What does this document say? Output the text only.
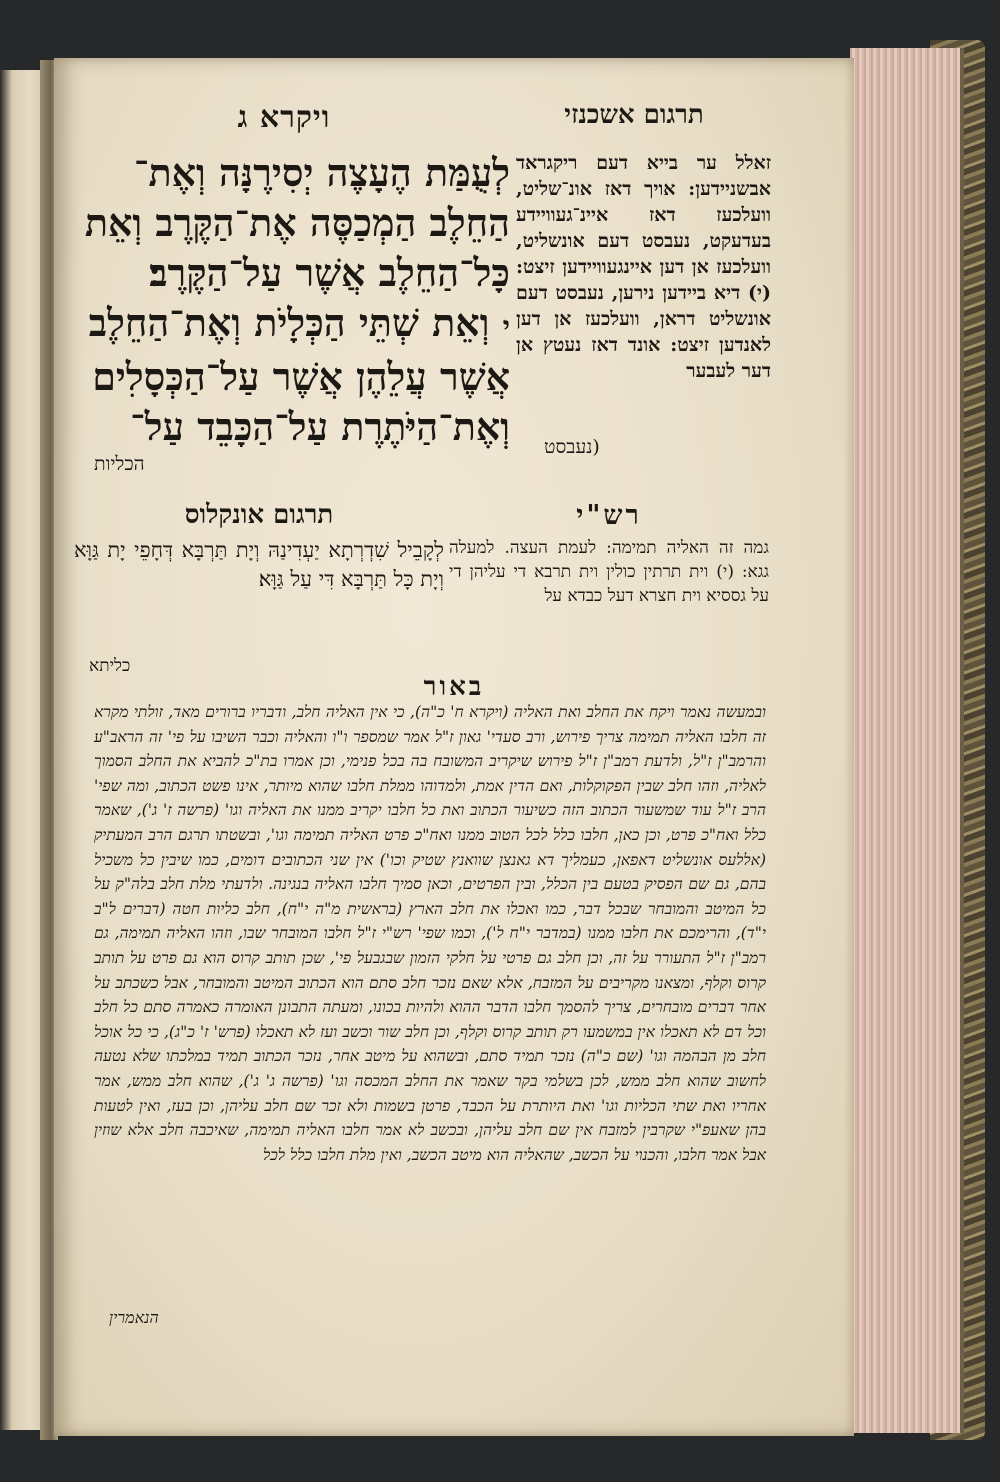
ויקרא ג	תרגום אשכנזי
לְעֻמַּת הֶעָצֶה יְסִירֶנָּה וְאֶת־
הַחֵלֶב הַמְכַסֶּה אֶת־הַקֶּרֶב וְאֵת
כָּל־הַחֵלֶב אֲשֶׁר עַל־הַקֶּרֶב׃
י וְאֵת שְׁתֵּי הַכְּלָיֹת וְאֶת־הַחֵלֶב
אֲשֶׁר עֲלֵהֶן אֲשֶׁר עַל־הַכְּסָלִים
וְאֶת־הַיֹּתֶרֶת עַל־הַכָּבֵד עַל־
הכליות
זאלל ער בייא דעם ריקגראד אבשניידען: אויך דאז אונ־שליט, וועלכעז דאז איינ־געוויידע בעדעקט, נעבסט דעם אונשליט, וועלכעז אן דען איינגעוויידען זיצט: (י) דיא ביידען נירען, נעבסט דעם אונשליט דראן, וועלכעז אן דען לאנדען זיצט: אונד דאז נעטץ אן דער לעבער
(נעבסט
רש"י
תרגום אונקלוס
גמה זה האליה תמימה: לעמת העצה. למעלה גגא: (י) וית תרתין כולין וית תרבא די עליהן די על גססיא וית חצרא דעל כבדא על
לְקָבֵיל שִׁדְרְתָא יַעְדִינַהּ וְיָת תַּרְבָּא דְּחָפֵי יָת גַּוָּא וְיָת כָּל תַּרְבָּא דִּי עַל גַּוָּא׃
כליתא
באור
ובמעשה נאמר ויקח את החלב ואת האליה (ויקרא ח' כ"ה), כי אין האליה חלב, ודבריו ברורים מאד, זולתי מקרא זה חלבו האליה תמימה צריך פירוש, ורב סעדי' גאון ז"ל אמר שמספר ו"ו והאליה וכבר השיבו על פי' זה הראב"ע והרמב"ן ז"ל, ולדעת רמב"ן ז"ל פירוש שיקריב המשובח בה בכל פנימי, וכן אמרו בת"כ להביא את החלב הסמוך לאליה, וזהו חלב שבין הפקוקלות, ואם הדין אמת, ולמדוהו ממלת חלבו שהוא מיותר, אינו פשט הכתוב, ומה שפי' הרב ז"ל עוד שמשעור הכתוב הזה כשיעור הכתוב ואת כל חלבו יקריב ממנו את האליה וגו' (פרשה ז' ג'), שאמר כלל ואח"כ פרט, וכן כאן, חלבו כלל לכל הטוב ממנו ואח"כ פרט האליה תמימה וגו', ובשטתו תרגם הרב המעתיק (אללעס אונשליט דאפאן, כעמליך דא גאנצן שוואנץ שטיק וכו') אין שני הכתובים דומים, כמו שיבין כל משכיל בהם, גם שם הפסיק בטעם בין הכלל, ובין הפרטים, וכאן סמיך חלבו האליה בנגינה. ולדעתי מלת חלב בלה"ק על כל המיטב והמובחר שבכל דבר, כמו ואכלו את חלב הארץ (בראשית מ"ה י"ח), חלב כליות חטה (דברים ל"ב י"ד), והרימכם את חלבו ממנו (במדבר י"ח ל'), וכמו שפי' רש"י ז"ל חלבו המובחר שבו, וזהו האליה תמימה, גם רמב"ן ז"ל התעורר על זה, וכן חלב גם פרטי על חלקי הזמון שבגבעל פי', שכן תותב קרוס הוא גם פרט על תותב קרוס וקלף, ומצאנו מקריבים על המזבח, אלא שאם נזכר חלב סתם הוא הכתוב המיטב והמובחר, אבל כשכתב על אחר דברים מובחרים, צריך להסמך חלבו הדבר ההוא ולהיות בכונו, ומעתה התבונן האומרה כאמרה סתם כל חלב וכל דם לא תאכלו אין במשמעו רק תותב קרוס וקלף, וכן חלב שור וכשב ועז לא תאכלו (פרש' ז' כ"ג), כי כל אוכל חלב מן הבהמה וגו' (שם כ"ה) נזכר תמיד סתם, ובשהוא על מיטב אחר, נזכר הכתוב תמיד במלכתו שלא נטעה לחשוב שהוא חלב ממש, לכן בשלמי בקר שאמר את החלב המכסה וגו' (פרשה ג' ג'), שהוא חלב ממש, אמר אחריו ואת שתי הכליות וגו' ואת היותרת על הכבד, פרטן בשמות ולא זכר שם חלב עליהן, וכן בעז, ואין לטעות בהן שאעפ"י שקרבין למזבח אין שם חלב עליהן, ובכשב לא אמר חלבו האליה תמימה, שאיכבה חלב אלא שוזין אבל אמר חלבו, והכנוי על הכשב, שהאליה הוא מיטב הכשב, ואין מלת חלבו כלל לכל
הנאמרין
